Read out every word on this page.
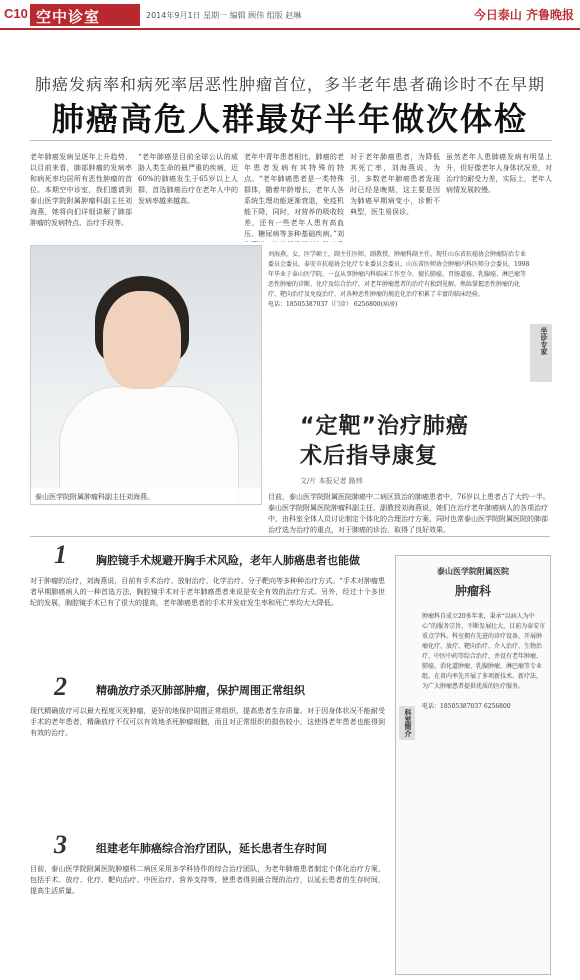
C10 空中诊室	2014年9月1日 星期一 编辑 顾伟 组版 赵琳	今日泰山 齐鲁晚报
肺癌发病率和病死率居恶性肿瘤首位，多半老年患者确诊时不在早期
肺癌高危人群最好半年做次体检
老年肺癌发病呈逐年上升趋势，以目前来看，肺部肿瘤的发病率和病死率均居所有恶性肿瘤的首位。本期空中诊室，我们邀请到泰山医学院附属肿瘤科副主任刘海燕，她将向们详细讲解了肺部肿瘤的发病特点、治疗手段等。
“老年肺癌是目前全球公认的威胁人类生命的最严重的疾病，近60%的肺癌发生于65岁以上人群，首选肺癌治疗在老年人中的发病率越来越高。
老年中青年患者相比，肺癌的老年患者发病有其特殊的特点。“老年肺癌患者是一类特殊群体，随着年龄增长，老年人各系统生理功能逐渐衰退，免疫机能下降，同时，对营养的吸收较差，还有一些老年人患有高血压、糖尿病等多种基础疾病。”刘
对于老年肺癌患者，为降低其死亡率，刘海燕说，为引，多数老年肺癌患者发现时已经是晚期，这主要是因为肺癌早期病变小，诊断不典型，医生易误诊。
虽然老年人患肺癌发病有明显上升，但好像老年人身体状况差，对治疗的耐受力差，实际上，老年人病情发展较慢。
泰山医学院附属肿瘤科副主任刘海燕。
刘海燕，女，医学硕士，副主任医师，副教授，肿瘤科副主任。现任山东省抗癌协会肿瘤防治专业委员会委员，泰安市抗癌协会化疗专业委员会委员，山东省医师协会肿瘤内科医师分会委员。1998年毕业于泰山医学院，一直从事肿瘤内科临床工作至今。擅长肺癌、胃肠道癌、乳腺癌、淋巴瘤等恶性肿瘤的诊断、化疗及综合治疗，对老年肿瘤患者的治疗有独到见解。熟练掌握恶性肿瘤的化疗、靶向治疗及免疫治疗，对各种恶性肿瘤的规范化治疗积累了丰富的临床经验。
电话：18505387037（门诊） 6256800(病房)
坐诊专家
“定靶”治疗肺癌
术后指导康复
文/片 本报记者 路炜
目前，泰山医学院附属医院肺癌中二病区致治的肺癌患者中，76岁以上患者占了大约一半。泰山医学院附属医院肿瘤科副主任、副教授刘海燕说，她们在治疗老年肺癌病人的各项治疗中，由科室全体人员讨论制定个体化的合理治疗方案，同时也常泰山医学院附属医院的肺部治疗选为治疗的重点，对于肺癌的诊治，取得了良好效果。
1	胸腔镜手术规避开胸手术风险，老年人肺癌患者也能做
对于肿瘤的治疗，刘海燕说，目前有手术治疗、放射治疗、化学治疗、分子靶向等多种种治疗方式。“手术对肿瘤患者早期肺癌病人的一种首选方法，胸腔镜手术对于老年肺癌患者来说是安全有效的治疗方式。另外，经过十个多世纪的发展，胸腔镜手术已有了很大的提高，老年肺癌患者的手术并发症发生率和死亡率均大大降低。
2	精确放疗杀灭肺部肿瘤，保护周围正常组织
现代精确放疗可以最大程度灭死肿瘤，更好的地保护周围正常组织，提高患者生存质量。对于因身体状况不能耐受手术的老年患者，精确放疗不仅可以有效地杀死肿瘤细胞，而且对正常组织的损伤较小，这使得老年患者也能得到有效的治疗。
3	组建老年肺癌综合治疗团队，延长患者生存时间
目前，泰山医学院附属医院肿瘤科二病区采用多学科协作的综合治疗团队，为老年肺癌患者制定个体化治疗方案，包括手术、放疗、化疗、靶向治疗、中医治疗、营养支持等，使患者得到最合理的治疗，以延长患者的生存时间，提高生活质量。
泰山医学院附属医院
肿瘤科
科室简介
肿瘤科自成立20多年来，秉承“以病人为中心”的服务宗旨，不断发展壮大，目前为泰安市重点学科。科室拥有先进的诊疗设备，开展肿瘤化疗、放疗、靶向治疗、介入治疗、生物治疗、中医中药等综合治疗，并设有老年肿瘤、肺癌、消化道肿瘤、乳腺肿瘤、淋巴瘤等专业组。在省内率先开展了多项新技术、新疗法，为广大肿瘤患者提供优质的医疗服务。

电话：18505387037 6256800
